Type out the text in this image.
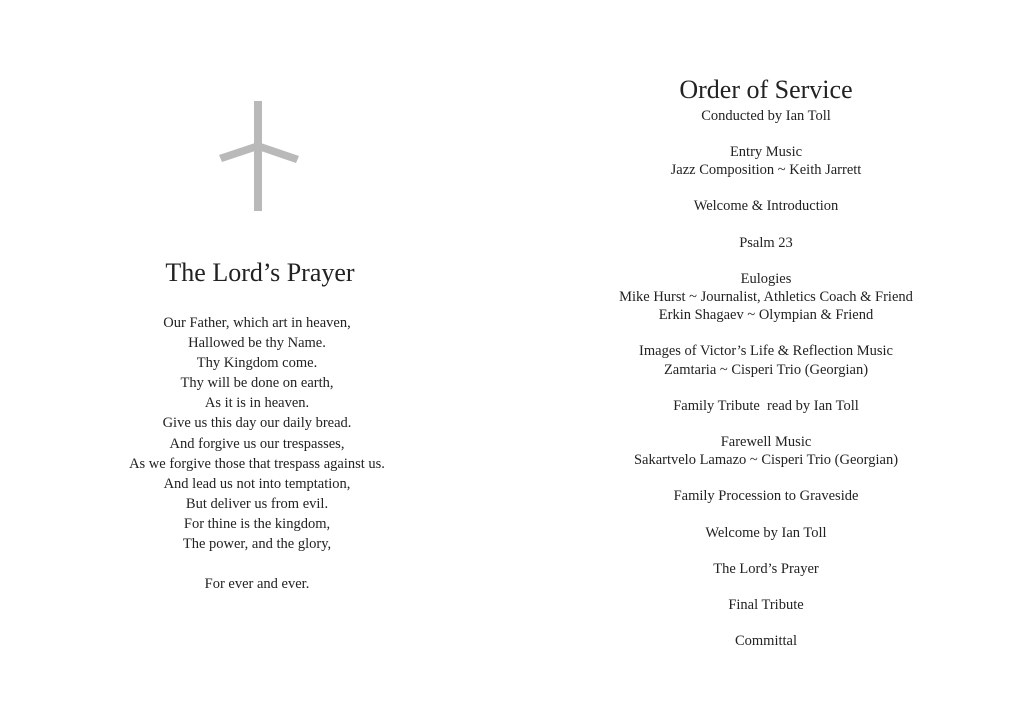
The Lord’s Prayer
Our Father, which art in heaven,
Hallowed be thy Name.
Thy Kingdom come.
Thy will be done on earth,
As it is in heaven.
Give us this day our daily bread.
And forgive us our trespasses,
As we forgive those that trespass against us.
And lead us not into temptation,
But deliver us from evil.
For thine is the kingdom,
The power, and the glory,
For ever and ever.
Order of Service
Conducted by Ian Toll
Entry Music
Jazz Composition ~ Keith Jarrett
Welcome & Introduction
Psalm 23
Eulogies
Mike Hurst ~ Journalist, Athletics Coach & Friend
Erkin Shagaev ~ Olympian & Friend
Images of Victor’s Life & Reflection Music
Zamtaria ~ Cisperi Trio (Georgian)
Family Tribute  read by Ian Toll
Farewell Music
Sakartvelo Lamazo ~ Cisperi Trio (Georgian)
Family Procession to Graveside
Welcome by Ian Toll
The Lord’s Prayer
Final Tribute
Committal
